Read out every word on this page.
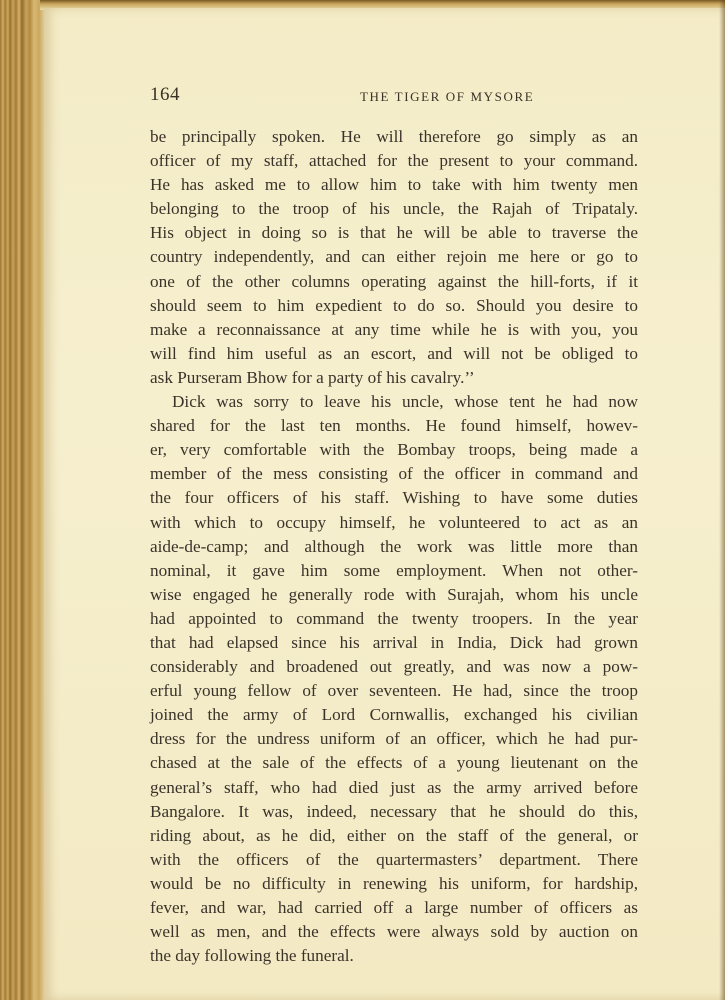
164	THE TIGER OF MYSORE
be principally spoken. He will therefore go simply as an
officer of my staff, attached for the present to your command.
He has asked me to allow him to take with him twenty men
belonging to the troop of his uncle, the Rajah of Tripataly.
His object in doing so is that he will be able to traverse the
country independently, and can either rejoin me here or go to
one of the other columns operating against the hill-forts, if it
should seem to him expedient to do so. Should you desire to
make a reconnaissance at any time while he is with you, you
will find him useful as an escort, and will not be obliged to
ask Purseram Bhow for a party of his cavalry.’’
Dick was sorry to leave his uncle, whose tent he had now
shared for the last ten months. He found himself, howev-
er, very comfortable with the Bombay troops, being made a
member of the mess consisting of the officer in command and
the four officers of his staff. Wishing to have some duties
with which to occupy himself, he volunteered to act as an
aide-de-camp; and although the work was little more than
nominal, it gave him some employment. When not other-
wise engaged he generally rode with Surajah, whom his uncle
had appointed to command the twenty troopers. In the year
that had elapsed since his arrival in India, Dick had grown
considerably and broadened out greatly, and was now a pow-
erful young fellow of over seventeen. He had, since the troop
joined the army of Lord Cornwallis, exchanged his civilian
dress for the undress uniform of an officer, which he had pur-
chased at the sale of the effects of a young lieutenant on the
general’s staff, who had died just as the army arrived before
Bangalore. It was, indeed, necessary that he should do this,
riding about, as he did, either on the staff of the general, or
with the officers of the quartermasters’ department. There
would be no difficulty in renewing his uniform, for hardship,
fever, and war, had carried off a large number of officers as
well as men, and the effects were always sold by auction on
the day following the funeral.
